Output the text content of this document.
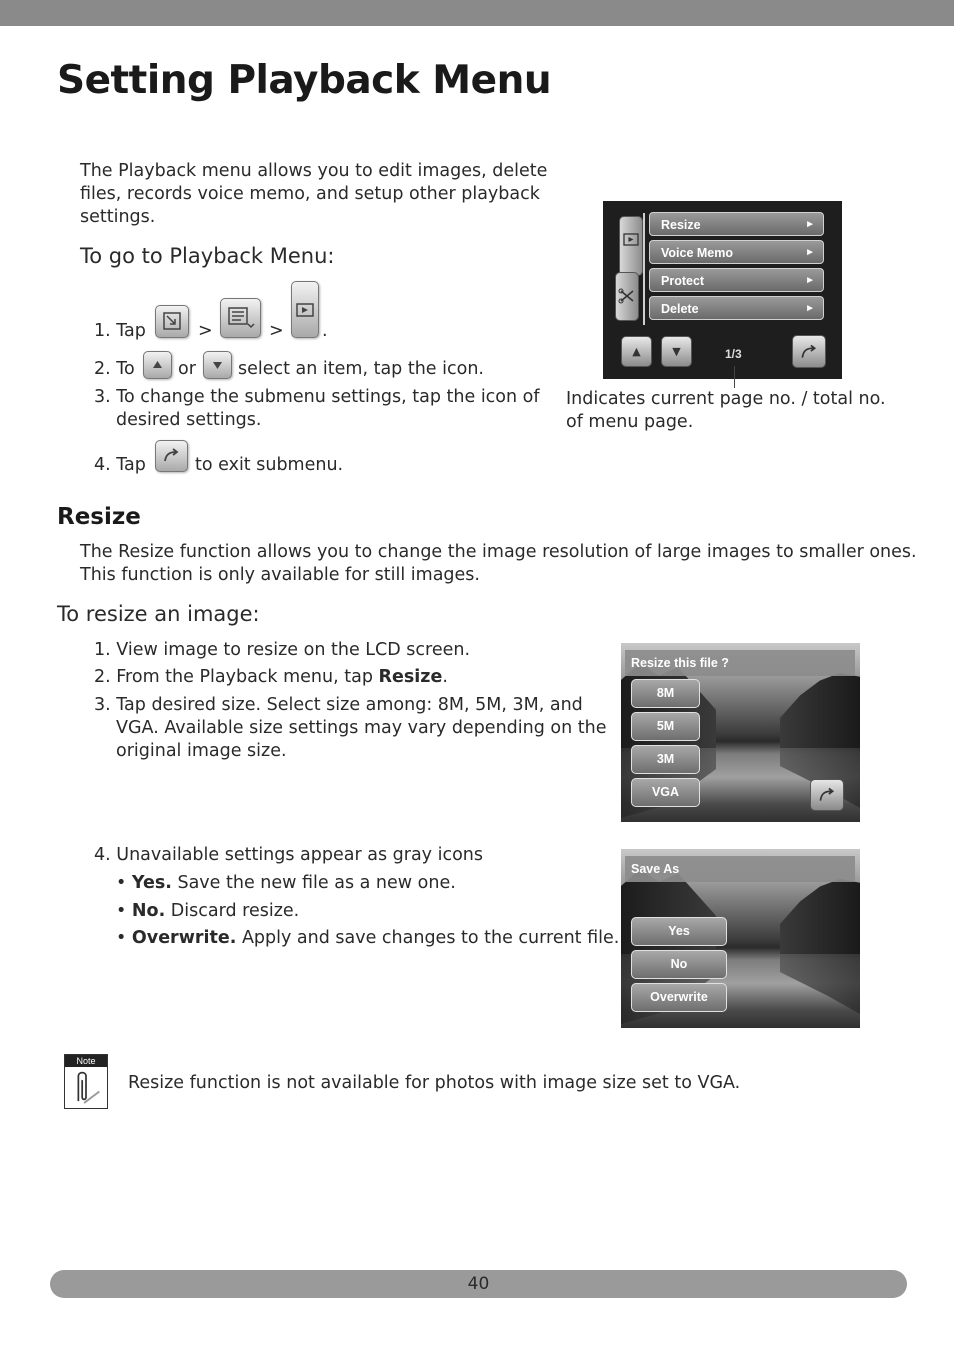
Setting Playback Menu

The Playback menu allows you to edit images, delete

files, records voice memo, and setup other playback

settings.

To go to Playback Menu:

1. Tap	>	> .
2. To or select an item, tap the icon.
3. To change the submenu settings, tap the icon of
desired settings.
4. Tap	to exit submenu.
Resize	►
Voice Memo	►
Protect	►
Delete	►
▲	▼	1/3

Indicates current page no. / total no.

of menu page.

Resize

The Resize function allows you to change the image resolution of large images to smaller ones.

This function is only available for still images.

To resize an image:

1. View image to resize on the LCD screen.
2. From the Playback menu, tap Resize.
3. Tap desired size. Select size among: 8M, 5M, 3M, and
VGA. Available size settings may vary depending on the
original image size.
Resize this file ?
8M
5M
3M
VGA
4. Unavailable settings appear as gray icons
• Yes. Save the new file as a new one.
• No. Discard resize.
• Overwrite. Apply and save changes to the current file.
Save As
Yes
No
Overwrite
Note

Resize function is not available for photos with image size set to VGA.

40
